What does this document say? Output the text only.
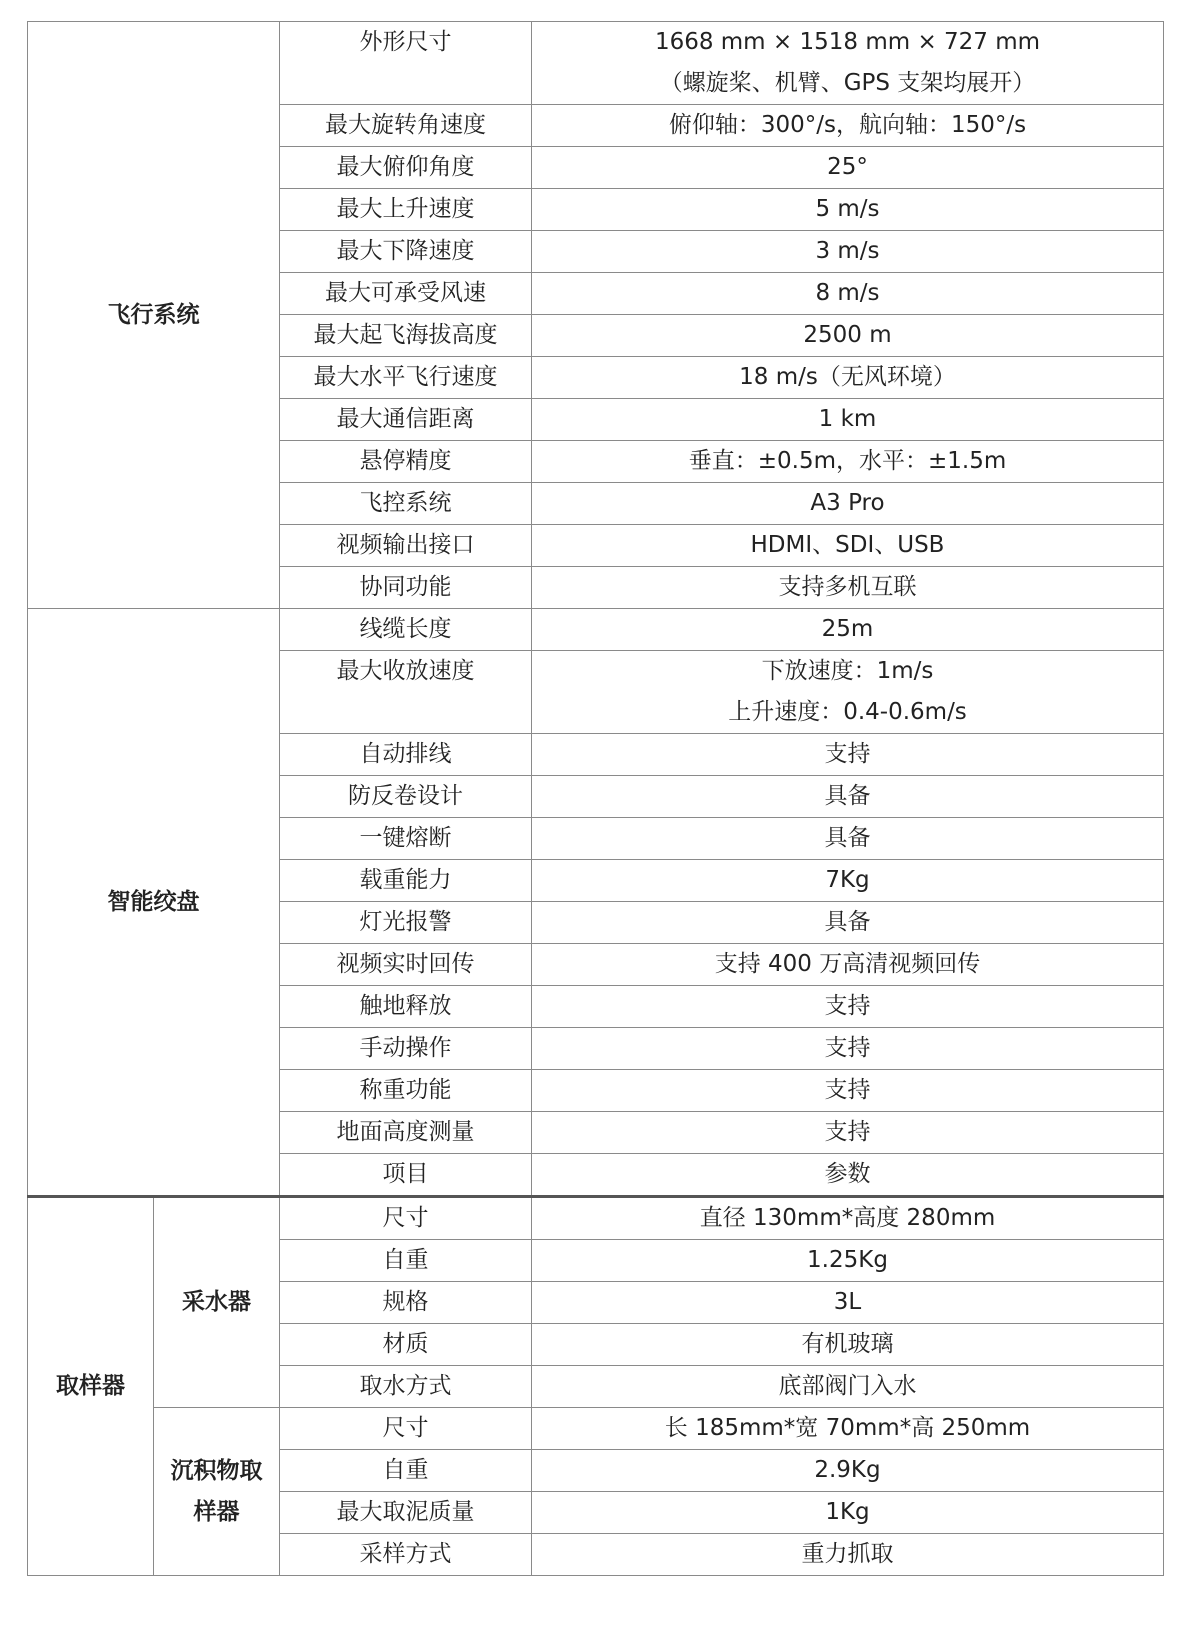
飞行系统		外形尺寸	1668 mm × 1518 mm × 727 mm
（螺旋桨、机臂、GPS 支架均展开）

		最大旋转角速度	俯仰轴：300°/s，航向轴：150°/s

		最大俯仰角度	25°

		最大上升速度	5 m/s

		最大下降速度	3 m/s

		最大可承受风速	8 m/s

		最大起飞海拔高度	2500 m

		最大水平飞行速度	18 m/s（无风环境）

		最大通信距离	1 km

		悬停精度	垂直：±0.5m，水平：±1.5m

		飞控系统	A3 Pro

		视频输出接口	HDMI、SDI、USB

		协同功能	支持多机互联

智能绞盘		线缆长度	25m

		最大收放速度	下放速度：1m/s
上升速度：0.4-0.6m/s

		自动排线	支持

		防反卷设计	具备

		一键熔断	具备

		载重能力	7Kg

		灯光报警	具备

		视频实时回传	支持 400 万高清视频回传

		触地释放	支持

		手动操作	支持

		称重功能	支持

		地面高度测量	支持

		项目	参数

取样器	采水器	尺寸	直径 130mm*高度 280mm

		自重	1.25Kg

		规格	3L

		材质	有机玻璃

		取水方式	底部阀门入水

	沉积物取
样器	尺寸	长 185mm*宽 70mm*高 250mm

		自重	2.9Kg

		最大取泥质量	1Kg

		采样方式	重力抓取
